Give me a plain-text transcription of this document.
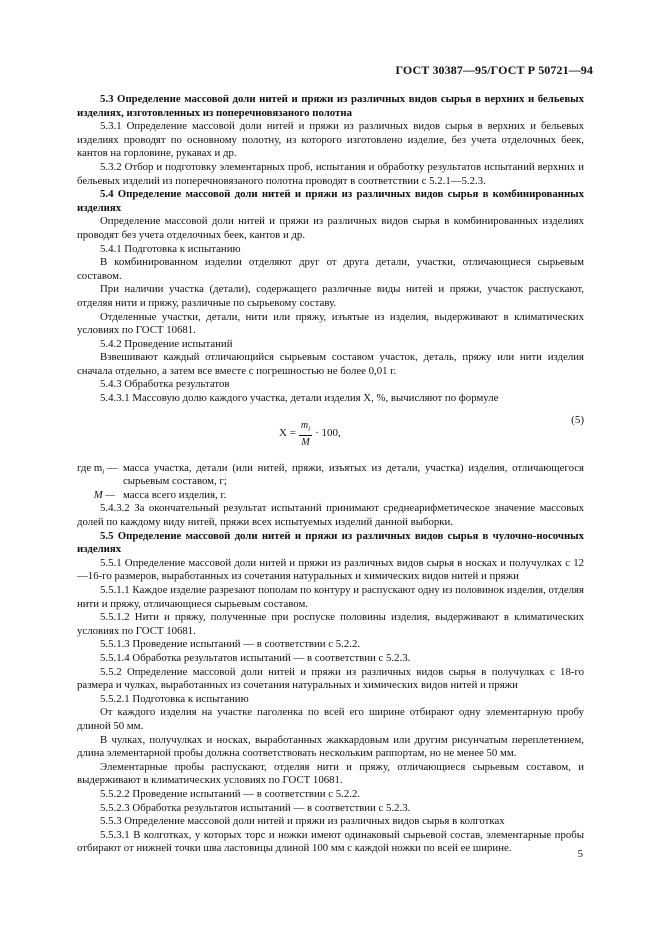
ГОСТ 30387—95/ГОСТ Р 50721—94

5.3 Определение массовой доли нитей и пряжи из различных видов сырья в верхних и бельевых изделиях, изготовленных из поперечновязаного полотна

5.3.1 Определение массовой доли нитей и пряжи из различных видов сырья в верхних и бельевых изделиях проводят по основному полотну, из которого изготовлено изделие, без учета отделочных беек, кантов на горловине, рукавах и др.

5.3.2 Отбор и подготовку элементарных проб, испытания и обработку результатов испытаний верхних и бельевых изделий из поперечновязаного полотна проводят в соответствии с 5.2.1—5.2.3.

5.4 Определение массовой доли нитей и пряжи из различных видов сырья в комбинированных изделиях

Определение массовой доли нитей и пряжи из различных видов сырья в комбинированных изделиях проводят без учета отделочных беек, кантов и др.

5.4.1 Подготовка к испытанию

В комбинированном изделии отделяют друг от друга детали, участки, отличающиеся сырьевым составом.

При наличии участка (детали), содержащего различные виды нитей и пряжи, участок распускают, отделяя нити и пряжу, различные по сырьевому составу.

Отделенные участки, детали, нити или пряжу, изъятые из изделия, выдерживают в климатических условиях по ГОСТ 10681.

5.4.2 Проведение испытаний

Взвешивают каждый отличающийся сырьевым составом участок, деталь, пряжу или нити изделия сначала отдельно, а затем все вместе с погрешностью не более 0,01 г.

5.4.3 Обработка результатов

5.4.3.1 Массовую долю каждого участка, детали изделия X, %, вычисляют по формуле

$X = \frac{m_i}{M} \cdot 100$,
(5)
где $m_i$ — масса участка, детали (или нитей, пряжи, изъятых из детали, участка) изделия, отличающегося сырьевым составом, г;
M — масса всего изделия, г.

5.4.3.2 За окончательный результат испытаний принимают среднеарифметическое значение массовых долей по каждому виду нитей, пряжи всех испытуемых изделий данной выборки.

5.5 Определение массовой доли нитей и пряжи из различных видов сырья в чулочно-носочных изделиях

5.5.1 Определение массовой доли нитей и пряжи из различных видов сырья в носках и получулках с 12—16-го размеров, выработанных из сочетания натуральных и химических видов нитей и пряжи

5.5.1.1 Каждое изделие разрезают пополам по контуру и распускают одну из половинок изделия, отделяя нити и пряжу, отличающиеся сырьевым составом.

5.5.1.2 Нити и пряжу, полученные при роспуске половины изделия, выдерживают в климатических условиях по ГОСТ 10681.

5.5.1.3 Проведение испытаний — в соответствии с 5.2.2.

5.5.1.4 Обработка результатов испытаний — в соответствии с 5.2.3.

5.5.2 Определение массовой доли нитей и пряжи из различных видов сырья в получулках с 18-го размера и чулках, выработанных из сочетания натуральных и химических видов нитей и пряжи

5.5.2.1 Подготовка к испытанию

От каждого изделия на участке паголенка по всей его ширине отбирают одну элементарную пробу длиной 50 мм.

В чулках, получулках и носках, выработанных жаккардовым или другим рисунчатым переплетением, длина элементарной пробы должна соответствовать нескольким раппортам, но не менее 50 мм.

Элементарные пробы распускают, отделяя нити и пряжу, отличающиеся сырьевым составом, и выдерживают в климатических условиях по ГОСТ 10681.

5.5.2.2 Проведение испытаний — в соответствии с 5.2.2.

5.5.2.3 Обработка результатов испытаний — в соответствии с 5.2.3.

5.5.3 Определение массовой доли нитей и пряжи из различных видов сырья в колготках

5.5.3.1 В колготках, у которых торс и ножки имеют одинаковый сырьевой состав, элементарные пробы отбирают от нижней точки шва ластовицы длиной 100 мм с каждой ножки по всей ее ширине.	5
